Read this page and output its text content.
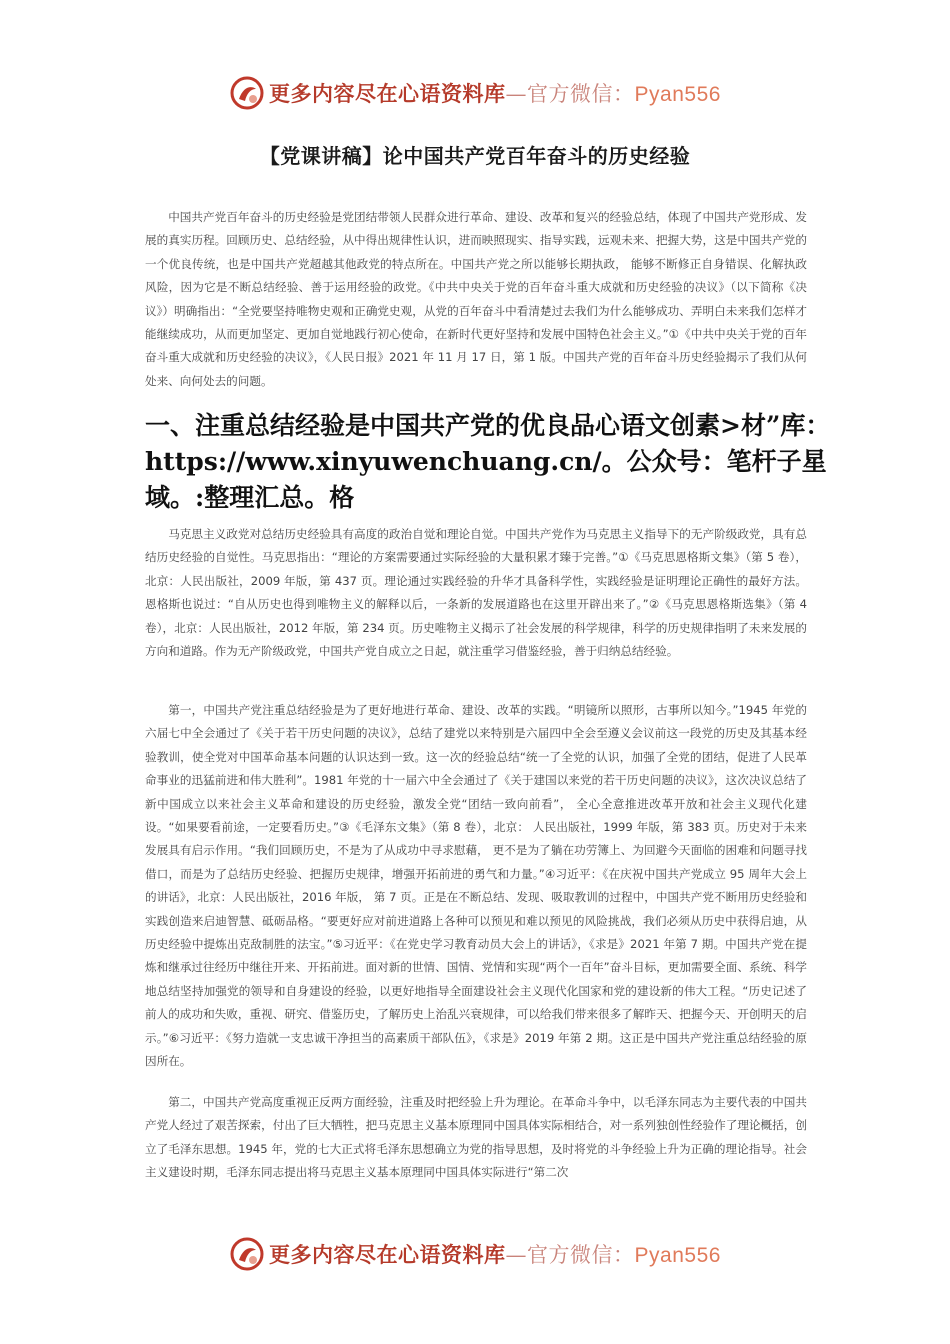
更多内容尽在心语资料库—官方微信：Pyan556
【党课讲稿】论中国共产党百年奋斗的历史经验

中国共产党百年奋斗的历史经验是党团结带领人民群众进行革命、建设、改革和复兴的经验总结，体现了中国共产党形成、发展的真实历程。回顾历史、总结经验，从中得出规律性认识，进而映照现实、指导实践，远观未来、把握大势，这是中国共产党的一个优良传统，也是中国共产党超越其他政党的特点所在。中国共产党之所以能够长期执政， 能够不断修正自身错误、化解执政风险，因为它是不断总结经验、善于运用经验的政党。《中共中央关于党的百年奋斗重大成就和历史经验的决议》（以下简称《决议》）明确指出：“全党要坚持唯物史观和正确党史观，从党的百年奋斗中看清楚过去我们为什么能够成功、弄明白未来我们怎样才能继续成功，从而更加坚定、更加自觉地践行初心使命，在新时代更好坚持和发展中国特色社会主义。”①《中共中央关于党的百年奋斗重大成就和历史经验的决议》，《人民日报》2021 年 11 月 17 日，第 1 版。中国共产党的百年奋斗历史经验揭示了我们从何处来、向何处去的问题。

一、注重总结经验是中国共产党的优良品心语文创素>材”库：https://www.xinyuwenchuang.cn/。公众号：笔杆子星域。:整理汇总。格

马克思主义政党对总结历史经验具有高度的政治自觉和理论自觉。中国共产党作为马克思主义指导下的无产阶级政党，具有总结历史经验的自觉性。马克思指出：“理论的方案需要通过实际经验的大量积累才臻于完善。”①《马克思恩格斯文集》（第 5 卷），北京：人民出版社，2009 年版，第 437 页。理论通过实践经验的升华才具备科学性，实践经验是证明理论正确性的最好方法。恩格斯也说过：“自从历史也得到唯物主义的解释以后，一条新的发展道路也在这里开辟出来了。”②《马克思恩格斯选集》（第 4 卷），北京：人民出版社，2012 年版，第 234 页。历史唯物主义揭示了社会发展的科学规律，科学的历史规律指明了未来发展的方向和道路。作为无产阶级政党，中国共产党自成立之日起，就注重学习借鉴经验，善于归纳总结经验。

第一，中国共产党注重总结经验是为了更好地进行革命、建设、改革的实践。“明镜所以照形，古事所以知今。”1945 年党的六届七中全会通过了《关于若干历史问题的决议》，总结了建党以来特别是六届四中全会至遵义会议前这一段党的历史及其基本经验教训，使全党对中国革命基本问题的认识达到一致。这一次的经验总结“统一了全党的认识，加强了全党的团结，促进了人民革命事业的迅猛前进和伟大胜利”。1981 年党的十一届六中全会通过了《关于建国以来党的若干历史问题的决议》，这次决议总结了新中国成立以来社会主义革命和建设的历史经验，激发全党“团结一致向前看”， 全心全意推进改革开放和社会主义现代化建设。“如果要看前途，一定要看历史。”③《毛泽东文集》（第 8 卷），北京： 人民出版社，1999 年版，第 383 页。历史对于未来发展具有启示作用。“我们回顾历史，不是为了从成功中寻求慰藉， 更不是为了躺在功劳簿上、为回避今天面临的困难和问题寻找借口，而是为了总结历史经验、把握历史规律，增强开拓前进的勇气和力量。”④习近平：《在庆祝中国共产党成立 95 周年大会上的讲话》，北京：人民出版社，2016 年版， 第 7 页。正是在不断总结、发现、吸取教训的过程中，中国共产党不断用历史经验和实践创造来启迪智慧、砥砺品格。“要更好应对前进道路上各种可以预见和难以预见的风险挑战，我们必须从历史中获得启迪，从历史经验中提炼出克敌制胜的法宝。”⑤习近平：《在党史学习教育动员大会上的讲话》，《求是》2021 年第 7 期。中国共产党在提炼和继承过往经历中继往开来、开拓前进。面对新的世情、国情、党情和实现“两个一百年”奋斗目标，更加需要全面、系统、科学 地总结坚持加强党的领导和自身建设的经验，以更好地指导全面建设社会主义现代化国家和党的建设新的伟大工程。“历史记述了前人的成功和失败，重视、研究、借鉴历史，了解历史上治乱兴衰规律，可以给我们带来很多了解昨天、把握今天、开创明天的启示。”⑥习近平：《努力造就一支忠诚干净担当的高素质干部队伍》，《求是》2019 年第 2 期。这正是中国共产党注重总结经验的原因所在。

第二，中国共产党高度重视正反两方面经验，注重及时把经验上升为理论。在革命斗争中，以毛泽东同志为主要代表的中国共产党人经过了艰苦探索，付出了巨大牺牲，把马克思主义基本原理同中国具体实际相结合，对一系列独创性经验作了理论概括，创立了毛泽东思想。1945 年，党的七大正式将毛泽东思想确立为党的指导思想，及时将党的斗争经验上升为正确的理论指导。社会主义建设时期，毛泽东同志提出将马克思主义基本原理同中国具体实际进行“第二次

更多内容尽在心语资料库—官方微信：Pyan556
